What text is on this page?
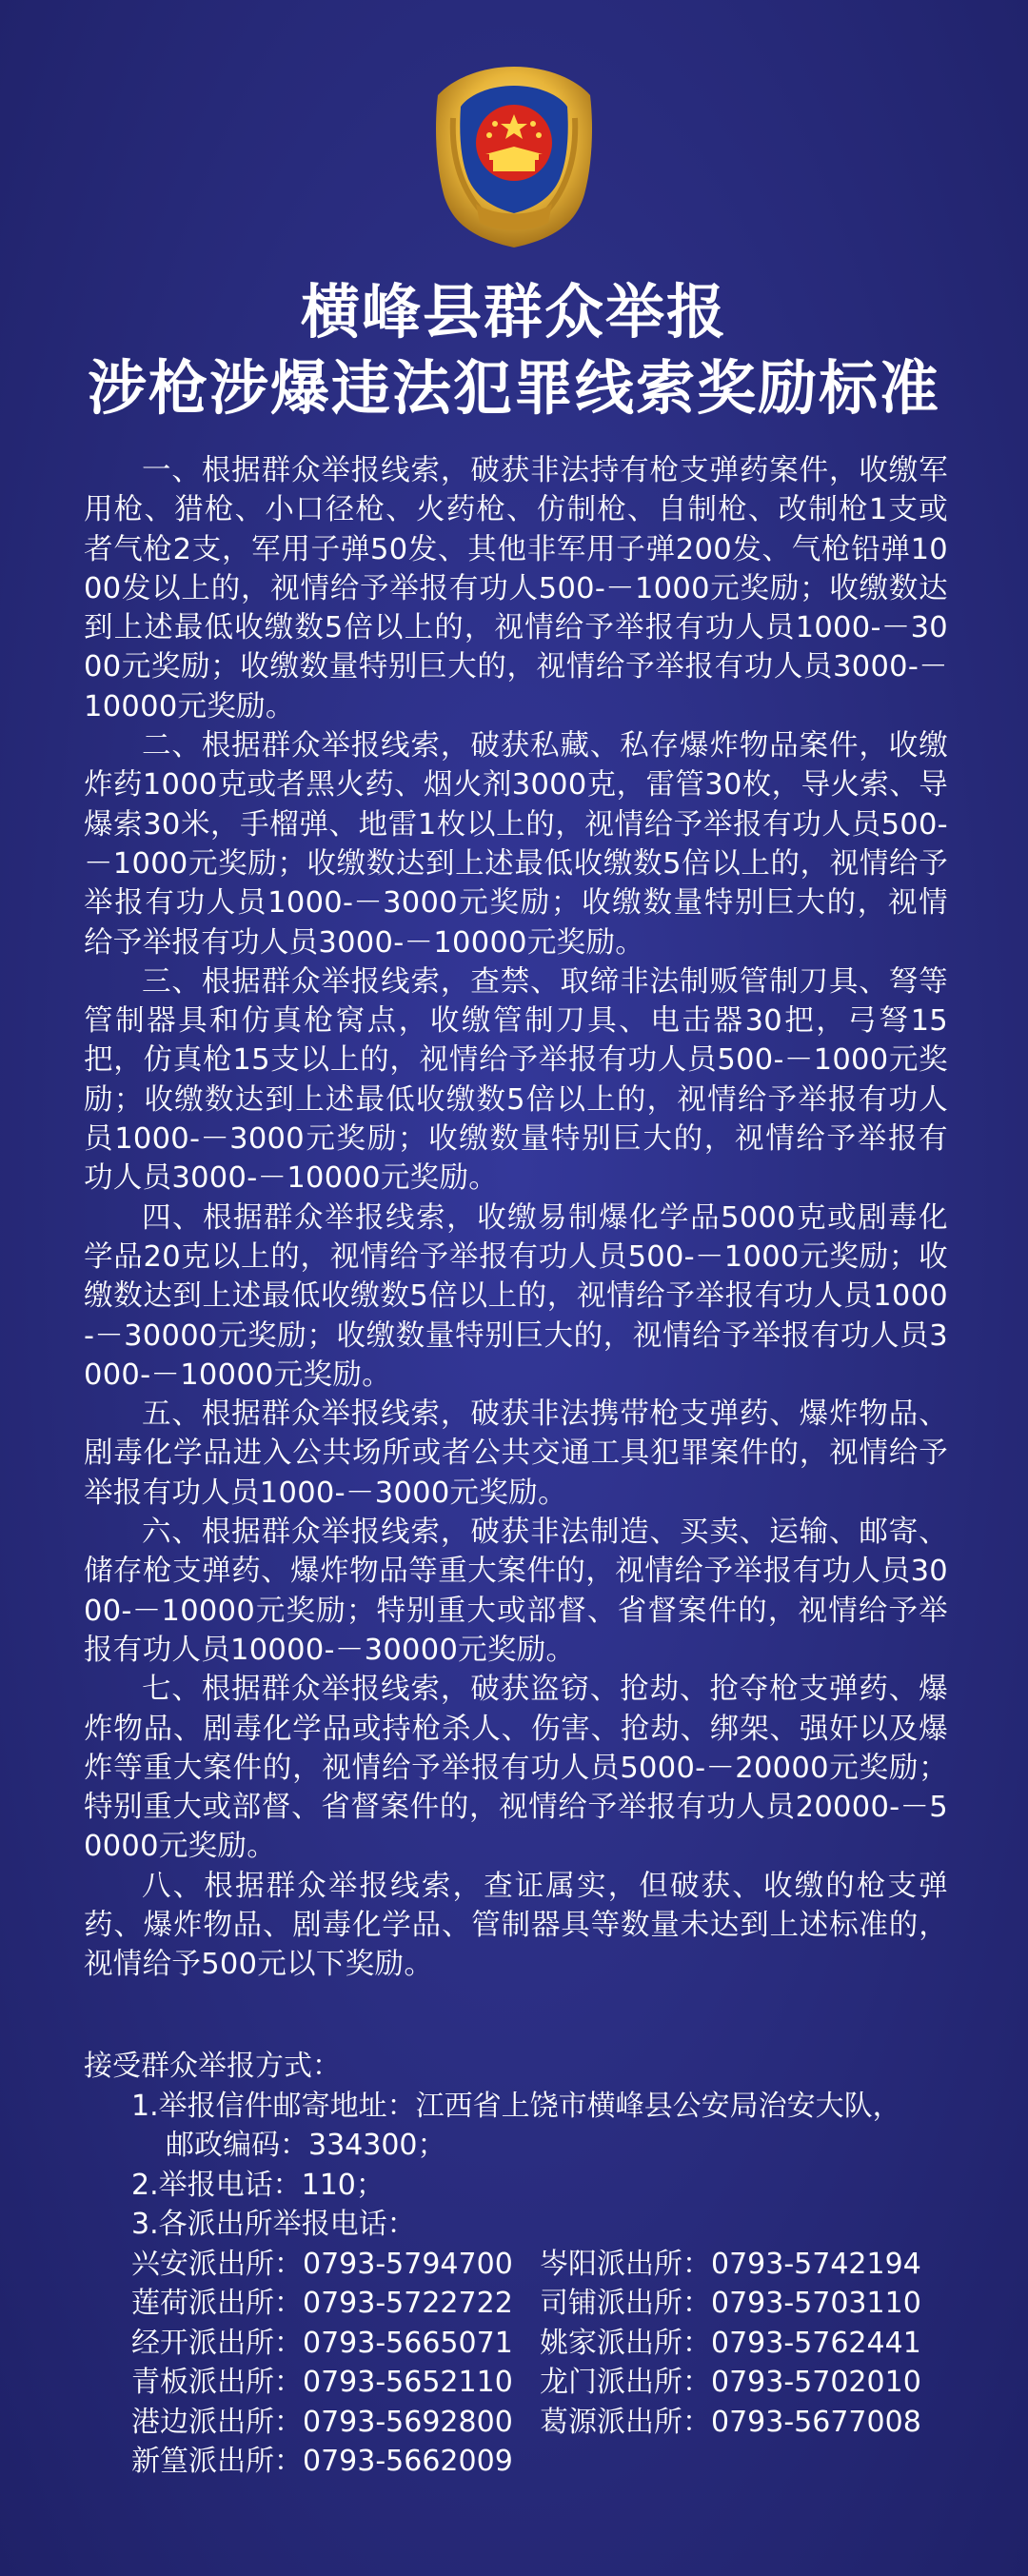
横峰县群众举报
涉枪涉爆违法犯罪线索奖励标准

一、根据群众举报线索，破获非法持有枪支弹药案件，收缴军用枪、猎枪、小口径枪、火药枪、仿制枪、自制枪、改制枪1支或者气枪2支，军用子弹50发、其他非军用子弹200发、气枪铅弹1000发以上的，视情给予举报有功人500-－1000元奖励；收缴数达到上述最低收缴数5倍以上的，视情给予举报有功人员1000-－3000元奖励；收缴数量特别巨大的，视情给予举报有功人员3000-－10000元奖励。

二、根据群众举报线索，破获私藏、私存爆炸物品案件，收缴炸药1000克或者黑火药、烟火剂3000克，雷管30枚，导火索、导爆索30米，手榴弹、地雷1枚以上的，视情给予举报有功人员500-－1000元奖励；收缴数达到上述最低收缴数5倍以上的，视情给予举报有功人员1000-－3000元奖励；收缴数量特别巨大的，视情给予举报有功人员3000-－10000元奖励。

三、根据群众举报线索，查禁、取缔非法制贩管制刀具、弩等管制器具和仿真枪窝点，收缴管制刀具、电击器30把，弓弩15把，仿真枪15支以上的，视情给予举报有功人员500-－1000元奖励；收缴数达到上述最低收缴数5倍以上的，视情给予举报有功人员1000-－3000元奖励；收缴数量特别巨大的，视情给予举报有功人员3000-－10000元奖励。

四、根据群众举报线索，收缴易制爆化学品5000克或剧毒化学品20克以上的，视情给予举报有功人员500-－1000元奖励；收缴数达到上述最低收缴数5倍以上的，视情给予举报有功人员1000-－30000元奖励；收缴数量特别巨大的，视情给予举报有功人员3000-－10000元奖励。

五、根据群众举报线索，破获非法携带枪支弹药、爆炸物品、剧毒化学品进入公共场所或者公共交通工具犯罪案件的，视情给予举报有功人员1000-－3000元奖励。

六、根据群众举报线索，破获非法制造、买卖、运输、邮寄、储存枪支弹药、爆炸物品等重大案件的，视情给予举报有功人员3000-－10000元奖励；特别重大或部督、省督案件的，视情给予举报有功人员10000-－30000元奖励。

七、根据群众举报线索，破获盗窃、抢劫、抢夺枪支弹药、爆炸物品、剧毒化学品或持枪杀人、伤害、抢劫、绑架、强奸以及爆炸等重大案件的，视情给予举报有功人员5000-－20000元奖励；特别重大或部督、省督案件的，视情给予举报有功人员20000-－50000元奖励。

八、根据群众举报线索，查证属实，但破获、收缴的枪支弹药、爆炸物品、剧毒化学品、管制器具等数量未达到上述标准的，视情给予500元以下奖励。

接受群众举报方式：
1.举报信件邮寄地址：江西省上饶市横峰县公安局治安大队，
邮政编码：334300；
2.举报电话：110；
3.各派出所举报电话：
兴安派出所：0793-5794700 岑阳派出所：0793-5742194
莲荷派出所：0793-5722722 司铺派出所：0793-5703110
经开派出所：0793-5665071 姚家派出所：0793-5762441
青板派出所：0793-5652110 龙门派出所：0793-5702010
港边派出所：0793-5692800 葛源派出所：0793-5677008
新篁派出所：0793-5662009
